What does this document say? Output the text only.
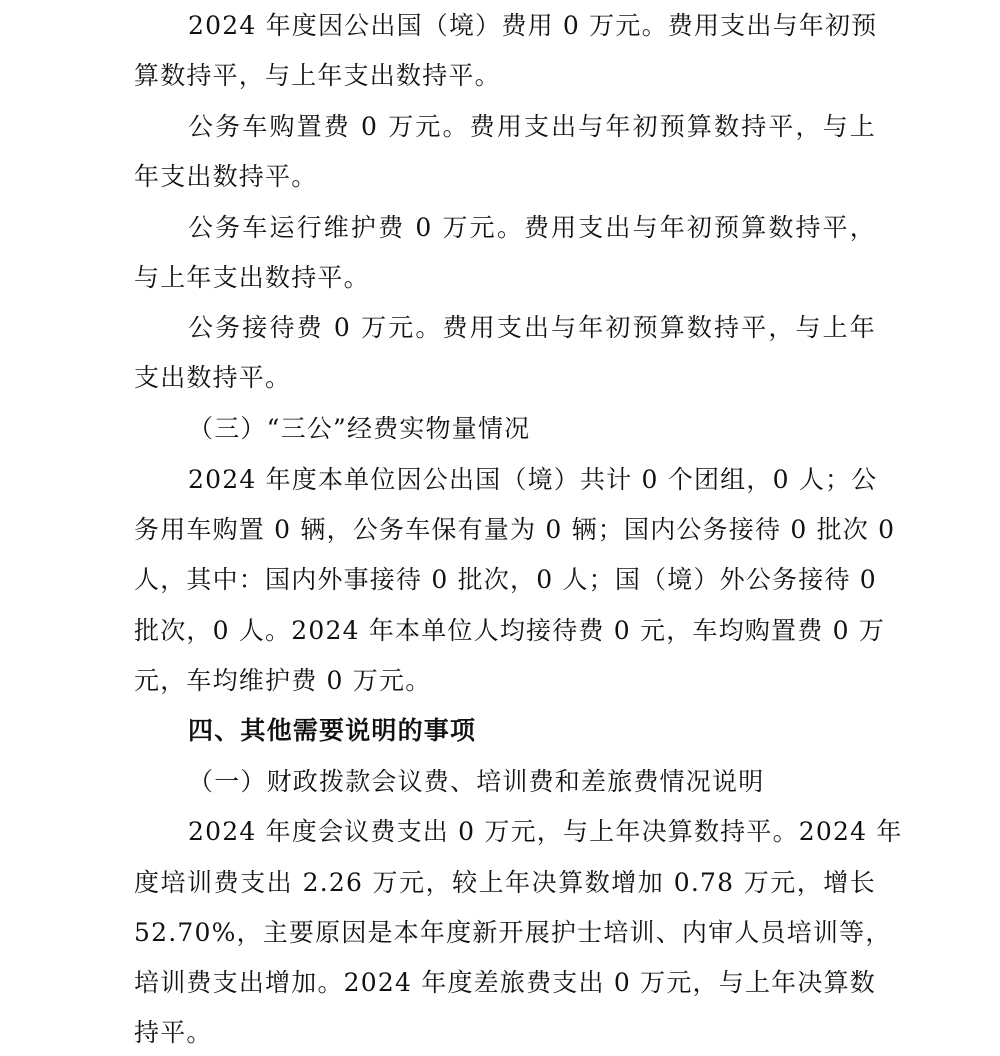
2024 年度因公出国（境）费用 0 万元。费用支出与年初预
算数持平，与上年支出数持平。
公务车购置费 0 万元。费用支出与年初预算数持平，与上
年支出数持平。
公务车运行维护费 0 万元。费用支出与年初预算数持平，
与上年支出数持平。
公务接待费 0 万元。费用支出与年初预算数持平，与上年
支出数持平。
（三）“三公”经费实物量情况
2024 年度本单位因公出国（境）共计 0 个团组，0 人；公
务用车购置 0 辆，公务车保有量为 0 辆；国内公务接待 0 批次 0
人，其中：国内外事接待 0 批次，0 人；国（境）外公务接待 0
批次，0 人。2024 年本单位人均接待费 0 元，车均购置费 0 万
元，车均维护费 0 万元。
四、其他需要说明的事项
（一）财政拨款会议费、培训费和差旅费情况说明
2024 年度会议费支出 0 万元，与上年决算数持平。2024 年
度培训费支出 2.26 万元，较上年决算数增加 0.78 万元，增长
52.70%，主要原因是本年度新开展护士培训、内审人员培训等，
培训费支出增加。2024 年度差旅费支出 0 万元，与上年决算数
持平。
